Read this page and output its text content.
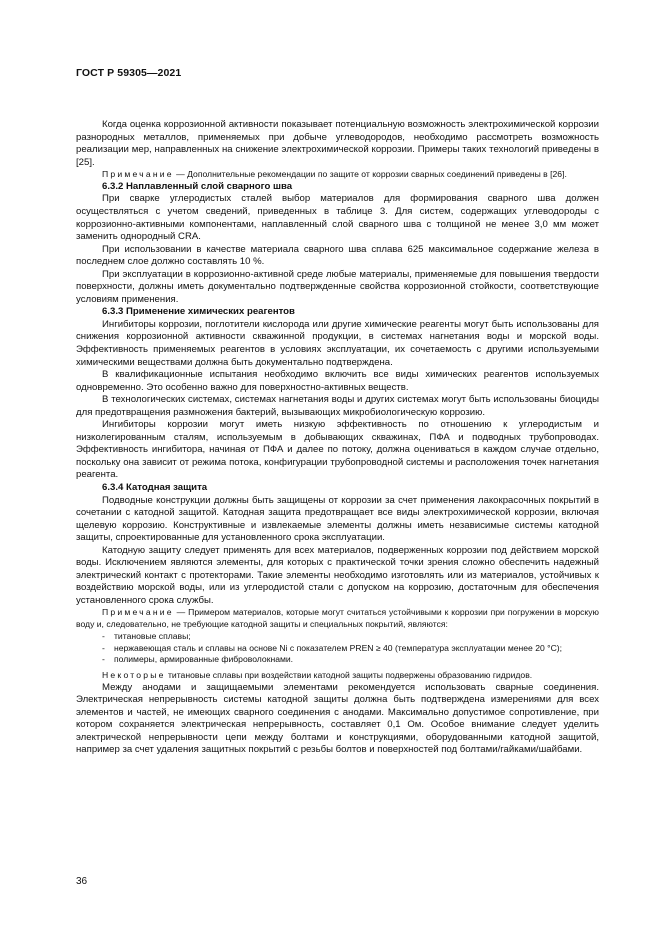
ГОСТ Р 59305—2021

Когда оценка коррозионной активности показывает потенциальную возможность электрохимической коррозии разнородных металлов, применяемых при добыче углеводородов, необходимо рассмотреть возможность реализации мер, направленных на снижение электрохимической коррозии. Примеры таких технологий приведены в [25].

Примечание — Дополнительные рекомендации по защите от коррозии сварных соединений приведены в [26].

6.3.2 Наплавленный слой сварного шва

При сварке углеродистых сталей выбор материалов для формирования сварного шва должен осуществляться с учетом сведений, приведенных в таблице 3. Для систем, содержащих углеводороды с коррозионно-активными компонентами, наплавленный слой сварного шва с толщиной не менее 3,0 мм может заменить однородный CRA.

При использовании в качестве материала сварного шва сплава 625 максимальное содержание железа в последнем слое должно составлять 10 %.

При эксплуатации в коррозионно-активной среде любые материалы, применяемые для повышения твердости поверхности, должны иметь документально подтвержденные свойства коррозионной стойкости, соответствующие условиям применения.

6.3.3 Применение химических реагентов

Ингибиторы коррозии, поглотители кислорода или другие химические реагенты могут быть использованы для снижения коррозионной активности скважинной продукции, в системах нагнетания воды и морской воды. Эффективность применяемых реагентов в условиях эксплуатации, их сочетаемость с другими используемыми химическими веществами должна быть документально подтверждена.

В квалификационные испытания необходимо включить все виды химических реагентов используемых одновременно. Это особенно важно для поверхностно-активных веществ.

В технологических системах, системах нагнетания воды и других системах могут быть использованы биоциды для предотвращения размножения бактерий, вызывающих микробиологическую коррозию.

Ингибиторы коррозии могут иметь низкую эффективность по отношению к углеродистым и низколегированным сталям, используемым в добывающих скважинах, ПФА и подводных трубопроводах. Эффективность ингибитора, начиная от ПФА и далее по потоку, должна оцениваться в каждом случае отдельно, поскольку она зависит от режима потока, конфигурации трубопроводной системы и расположения точек нагнетания реагента.

6.3.4 Катодная защита

Подводные конструкции должны быть защищены от коррозии за счет применения лакокрасочных покрытий в сочетании с катодной защитой. Катодная защита предотвращает все виды электрохимической коррозии, включая щелевую коррозию. Конструктивные и извлекаемые элементы должны иметь независимые системы катодной защиты, спроектированные для установленного срока эксплуатации.

Катодную защиту следует применять для всех материалов, подверженных коррозии под действием морской воды. Исключением являются элементы, для которых с практической точки зрения сложно обеспечить надежный электрический контакт с протекторами. Такие элементы необходимо изготовлять или из материалов, устойчивых к воздействию морской воды, или из углеродистой стали с допуском на коррозию, достаточным для обеспечения установленного срока службы.

Примечание — Примером материалов, которые могут считаться устойчивыми к коррозии при погружении в морскую воду и, следовательно, не требующие катодной защиты и специальных покрытий, являются:

- титановые сплавы;
- нержавеющая сталь и сплавы на основе Ni с показателем PREN ≥ 40 (температура эксплуатации менее 20 °С);
- полимеры, армированные фиброволокнами.

Некоторые титановые сплавы при воздействии катодной защиты подвержены образованию гидридов.

Между анодами и защищаемыми элементами рекомендуется использовать сварные соединения. Электрическая непрерывность системы катодной защиты должна быть подтверждена измерениями для всех элементов и частей, не имеющих сварного соединения с анодами. Максимально допустимое сопротивление, при котором сохраняется электрическая непрерывность, составляет 0,1 Ом. Особое внимание следует уделить электрической непрерывности цепи между болтами и конструкциями, оборудованными катодной защитой, например за счет удаления защитных покрытий с резьбы болтов и поверхностей под болтами/гайками/шайбами.

36
